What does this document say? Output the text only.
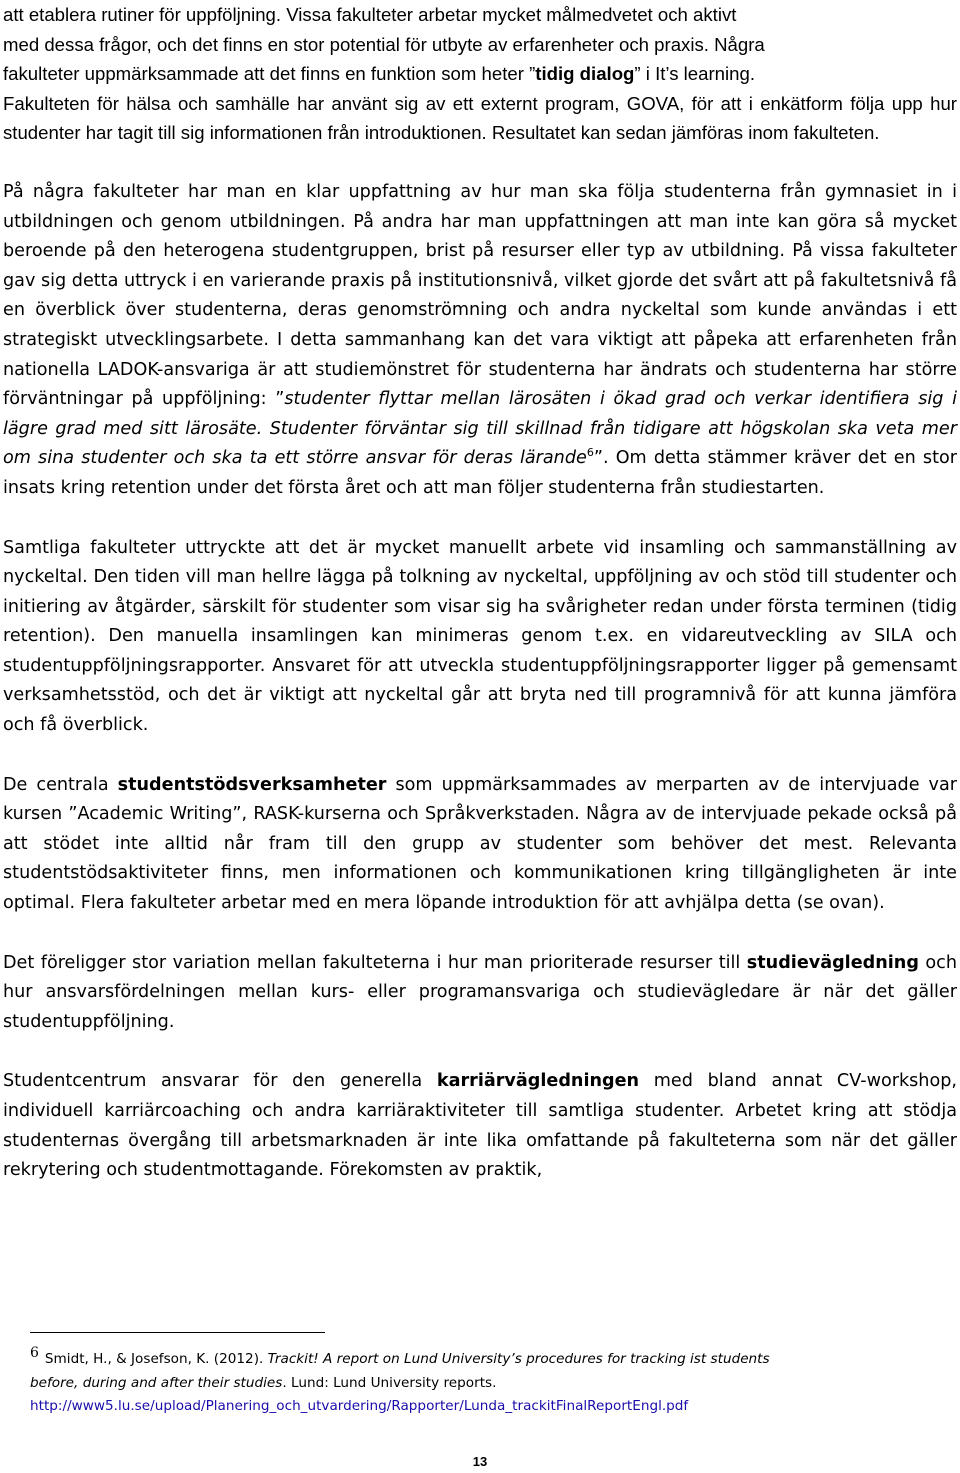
att etablera rutiner för uppföljning. Vissa fakulteter arbetar mycket målmedvetet och aktivt
med dessa frågor, och det finns en stor potential för utbyte av erfarenheter och praxis. Några
fakulteter uppmärksammade att det finns en funktion som heter ”tidig dialog” i It’s learning.
Fakulteten för hälsa och samhälle har använt sig av ett externt program, GOVA, för att i enkätform följa upp hur studenter har tagit till sig informationen från introduktionen. Resultatet kan sedan jämföras inom fakulteten.

På några fakulteter har man en klar uppfattning av hur man ska följa studenterna från gymnasiet in i utbildningen och genom utbildningen. På andra har man uppfattningen att man inte kan göra så mycket beroende på den heterogena studentgruppen, brist på resurser eller typ av utbildning. På vissa fakulteter gav sig detta uttryck i en varierande praxis på institutionsnivå, vilket gjorde det svårt att på fakultetsnivå få en överblick över studenterna, deras genomströmning och andra nyckeltal som kunde användas i ett strategiskt utvecklingsarbete. I detta sammanhang kan det vara viktigt att påpeka att erfarenheten från nationella LADOK-ansvariga är att studiemönstret för studenterna har ändrats och studenterna har större förväntningar på uppföljning: ”studenter flyttar mellan lärosäten i ökad grad och verkar identifiera sig i lägre grad med sitt lärosäte. Studenter förväntar sig till skillnad från tidigare att högskolan ska veta mer om sina studenter och ska ta ett större ansvar för deras lärande$^6$”. Om detta stämmer kräver det en stor insats kring retention under det första året och att man följer studenterna från studiestarten.

Samtliga fakulteter uttryckte att det är mycket manuellt arbete vid insamling och sammanställning av nyckeltal. Den tiden vill man hellre lägga på tolkning av nyckeltal, uppföljning av och stöd till studenter och initiering av åtgärder, särskilt för studenter som visar sig ha svårigheter redan under första terminen (tidig retention). Den manuella insamlingen kan minimeras genom t.ex. en vidareutveckling av SILA och studentuppföljningsrapporter. Ansvaret för att utveckla studentuppföljningsrapporter ligger på gemensamt verksamhetsstöd, och det är viktigt att nyckeltal går att bryta ned till programnivå för att kunna jämföra och få överblick.

De centrala studentstödsverksamheter som uppmärksammades av merparten av de intervjuade var kursen ”Academic Writing”, RASK-kurserna och Språkverkstaden. Några av de intervjuade pekade också på att stödet inte alltid når fram till den grupp av studenter som behöver det mest. Relevanta studentstödsaktiviteter finns, men informationen och kommunikationen kring tillgängligheten är inte optimal. Flera fakulteter arbetar med en mera löpande introduktion för att avhjälpa detta (se ovan).

Det föreligger stor variation mellan fakulteterna i hur man prioriterade resurser till studievägledning och hur ansvarsfördelningen mellan kurs- eller programansvariga och studievägledare är när det gäller studentuppföljning.

Studentcentrum ansvarar för den generella karriärvägledningen med bland annat CV-workshop, individuell karriärcoaching och andra karriäraktiviteter till samtliga studenter. Arbetet kring att stödja studenternas övergång till arbetsmarknaden är inte lika omfattande på fakulteterna som när det gäller rekrytering och studentmottagande. Förekomsten av praktik,

6 Smidt, H., & Josefson, K. (2012). Trackit! A report on Lund University’s procedures for tracking ist students before, during and after their studies. Lund: Lund University reports.
http://www5.lu.se/upload/Planering_och_utvardering/Rapporter/Lunda_trackitFinalReportEngl.pdf
13
